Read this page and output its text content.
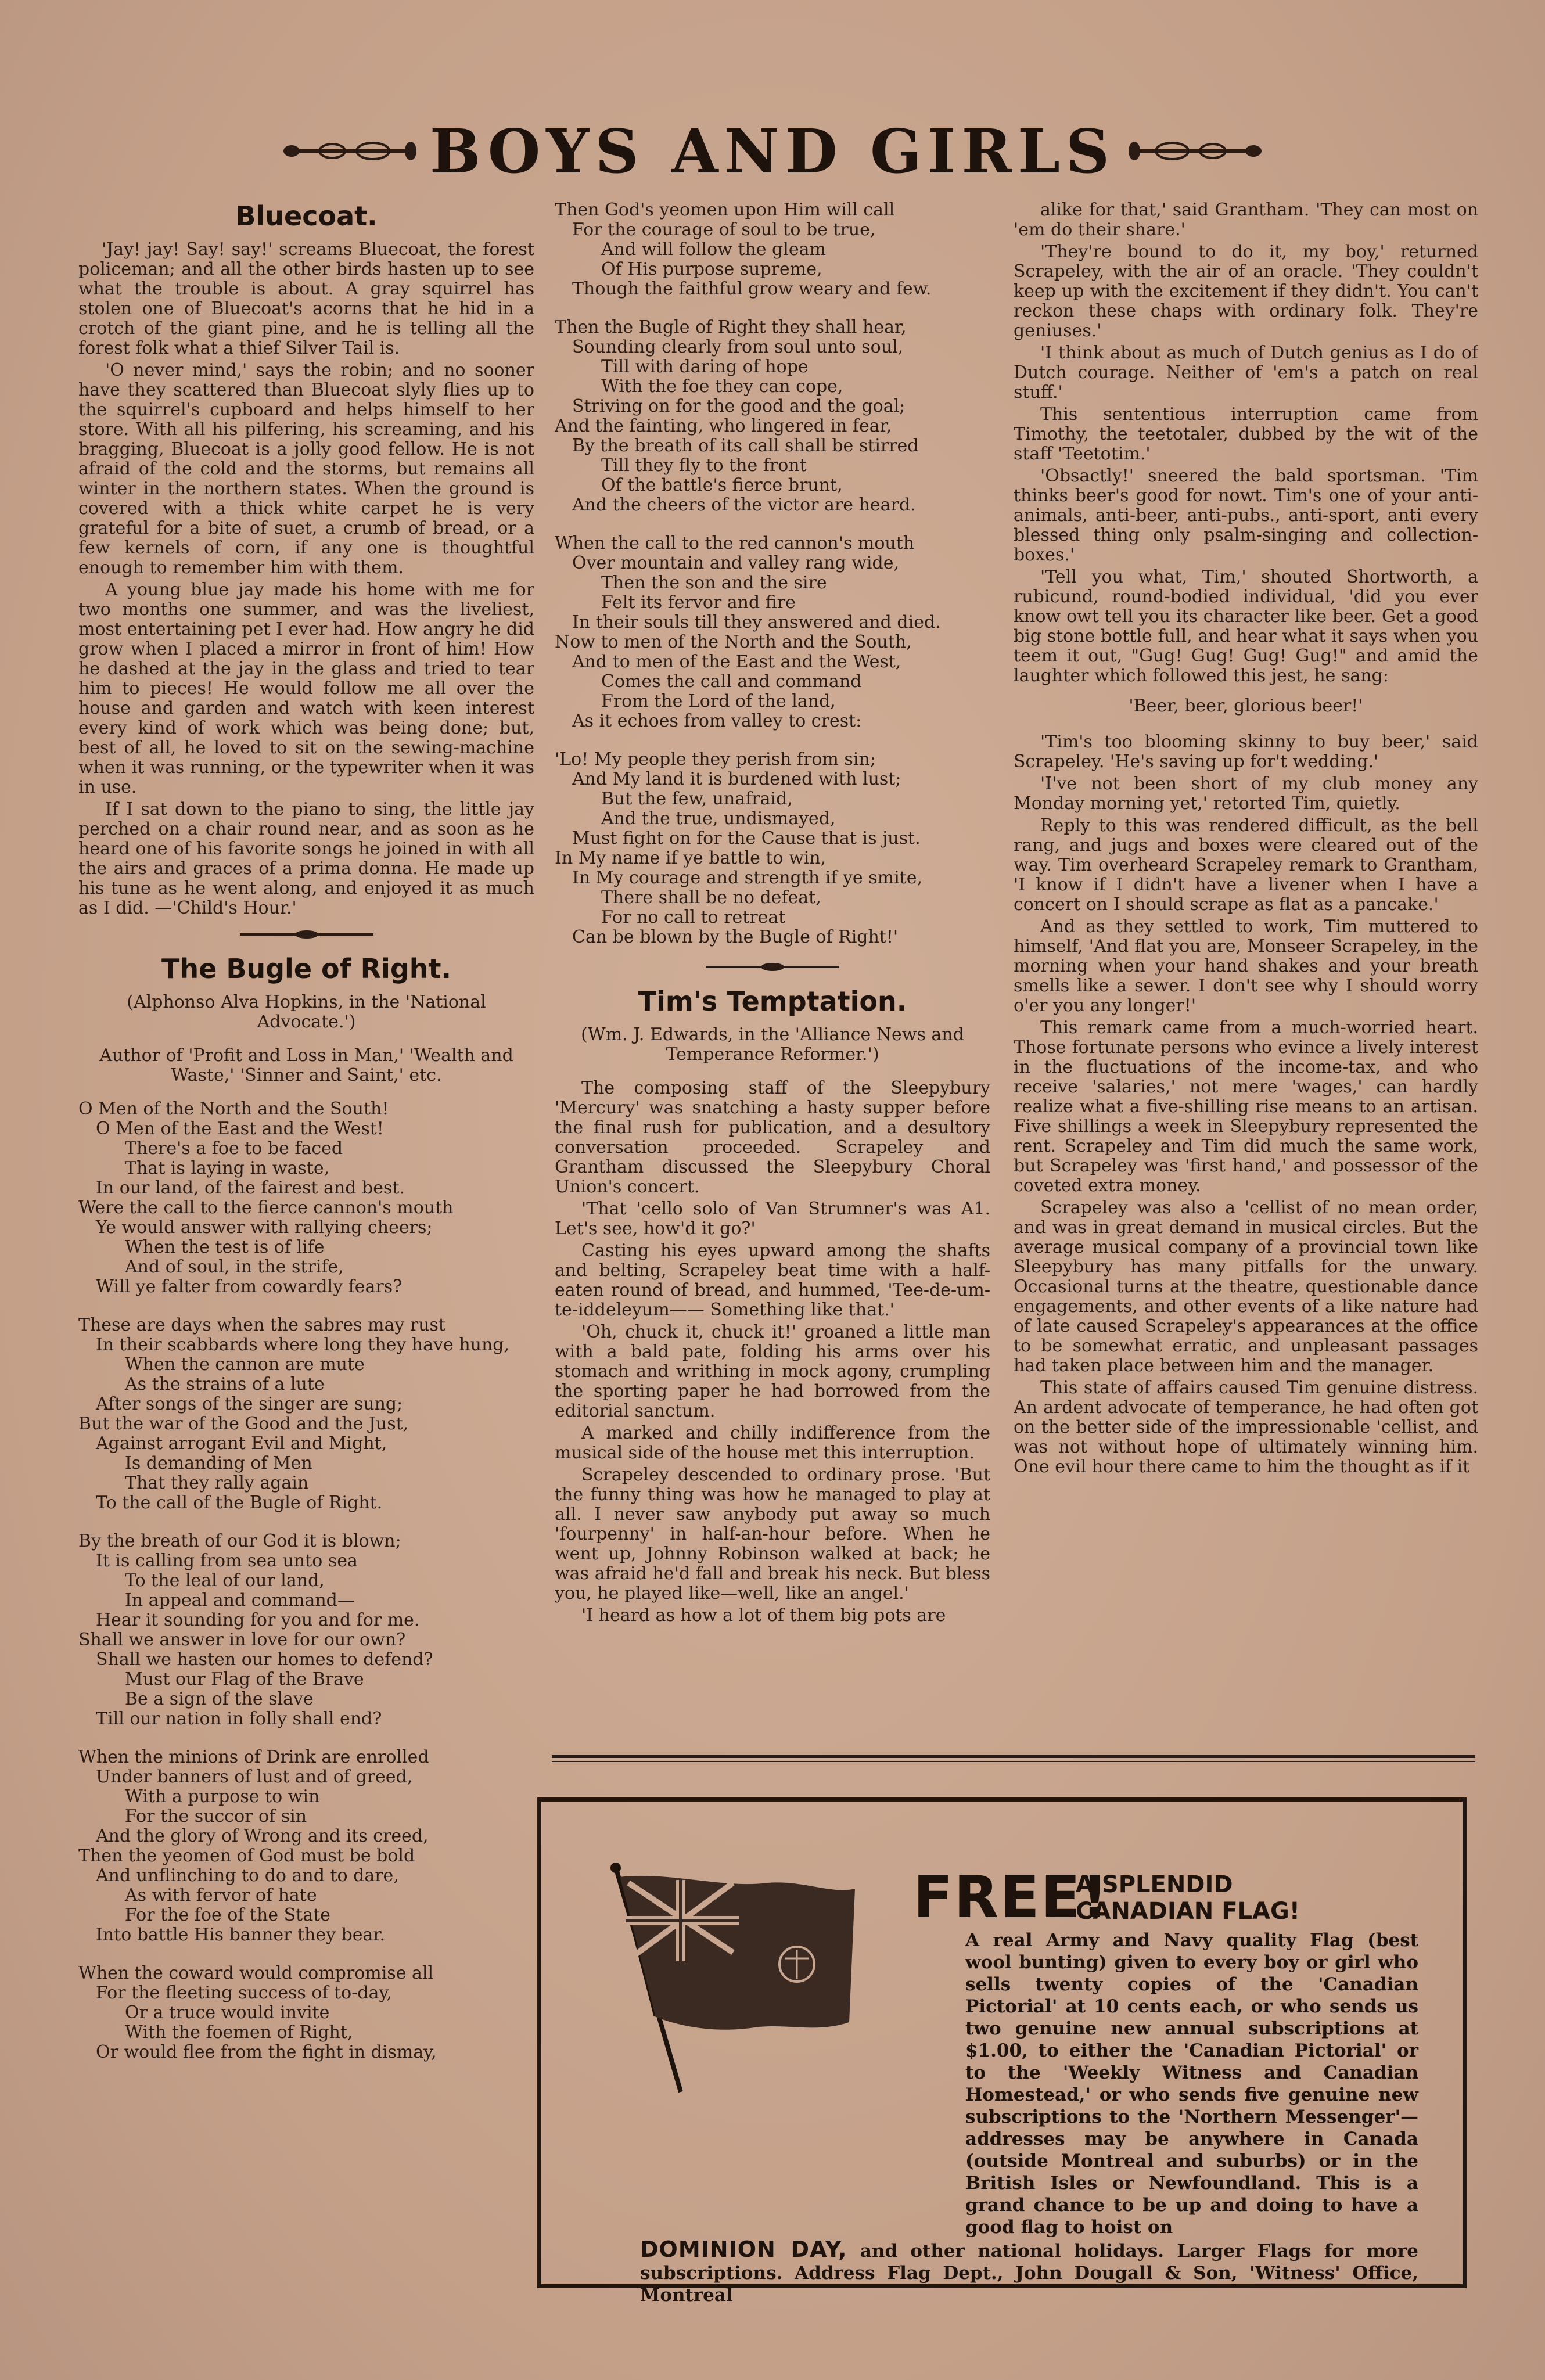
BOYS AND GIRLS
Bluecoat.

'Jay! jay! Say! say!' screams Bluecoat, the forest policeman; and all the other birds hasten up to see what the trouble is about. A gray squirrel has stolen one of Bluecoat's acorns that he hid in a crotch of the giant pine, and he is telling all the forest folk what a thief Silver Tail is.

'O never mind,' says the robin; and no sooner have they scattered than Bluecoat slyly flies up to the squirrel's cupboard and helps himself to her store. With all his pilfering, his screaming, and his bragging, Bluecoat is a jolly good fellow. He is not afraid of the cold and the storms, but remains all winter in the northern states. When the ground is covered with a thick white carpet he is very grateful for a bite of suet, a crumb of bread, or a few kernels of corn, if any one is thoughtful enough to remember him with them.

A young blue jay made his home with me for two months one summer, and was the liveliest, most entertaining pet I ever had. How angry he did grow when I placed a mirror in front of him! How he dashed at the jay in the glass and tried to tear him to pieces! He would follow me all over the house and garden and watch with keen interest every kind of work which was being done; but, best of all, he loved to sit on the sewing-machine when it was running, or the typewriter when it was in use.

If I sat down to the piano to sing, the little jay perched on a chair round near, and as soon as he heard one of his favorite songs he joined in with all the airs and graces of a prima donna. He made up his tune as he went along, and enjoyed it as much as I did. —'Child's Hour.'

The Bugle of Right.
(Alphonso Alva Hopkins, in the 'National Advocate.')
Author of 'Profit and Loss in Man,' 'Wealth and Waste,' 'Sinner and Saint,' etc.
O Men of the North and the South!
O Men of the East and the West!
There's a foe to be faced
That is laying in waste,
In our land, of the fairest and best.
Were the call to the fierce cannon's mouth
Ye would answer with rallying cheers;
When the test is of life
And of soul, in the strife,
Will ye falter from cowardly fears?
These are days when the sabres may rust
In their scabbards where long they have hung,
When the cannon are mute
As the strains of a lute
After songs of the singer are sung;
But the war of the Good and the Just,
Against arrogant Evil and Might,
Is demanding of Men
That they rally again
To the call of the Bugle of Right.
By the breath of our God it is blown;
It is calling from sea unto sea
To the leal of our land,
In appeal and command—
Hear it sounding for you and for me.
Shall we answer in love for our own?
Shall we hasten our homes to defend?
Must our Flag of the Brave
Be a sign of the slave
Till our nation in folly shall end?
When the minions of Drink are enrolled
Under banners of lust and of greed,
With a purpose to win
For the succor of sin
And the glory of Wrong and its creed,
Then the yeomen of God must be bold
And unflinching to do and to dare,
As with fervor of hate
For the foe of the State
Into battle His banner they bear.
When the coward would compromise all
For the fleeting success of to-day,
Or a truce would invite
With the foemen of Right,
Or would flee from the fight in dismay,
Then God's yeomen upon Him will call
For the courage of soul to be true,
And will follow the gleam
Of His purpose supreme,
Though the faithful grow weary and few.
Then the Bugle of Right they shall hear,
Sounding clearly from soul unto soul,
Till with daring of hope
With the foe they can cope,
Striving on for the good and the goal;
And the fainting, who lingered in fear,
By the breath of its call shall be stirred
Till they fly to the front
Of the battle's fierce brunt,
And the cheers of the victor are heard.
When the call to the red cannon's mouth
Over mountain and valley rang wide,
Then the son and the sire
Felt its fervor and fire
In their souls till they answered and died.
Now to men of the North and the South,
And to men of the East and the West,
Comes the call and command
From the Lord of the land,
As it echoes from valley to crest:
'Lo! My people they perish from sin;
And My land it is burdened with lust;
But the few, unafraid,
And the true, undismayed,
Must fight on for the Cause that is just.
In My name if ye battle to win,
In My courage and strength if ye smite,
There shall be no defeat,
For no call to retreat
Can be blown by the Bugle of Right!'
Tim's Temptation.
(Wm. J. Edwards, in the 'Alliance News and Temperance Reformer.')

The composing staff of the Sleepybury 'Mercury' was snatching a hasty supper before the final rush for publication, and a desultory conversation proceeded. Scrapeley and Grantham discussed the Sleepybury Choral Union's concert.

'That 'cello solo of Van Strumner's was A1. Let's see, how'd it go?'

Casting his eyes upward among the shafts and belting, Scrapeley beat time with a half-eaten round of bread, and hummed, 'Tee-de-um-te-iddeleyum—— Something like that.'

'Oh, chuck it, chuck it!' groaned a little man with a bald pate, folding his arms over his stomach and writhing in mock agony, crumpling the sporting paper he had borrowed from the editorial sanctum.

A marked and chilly indifference from the musical side of the house met this interruption.

Scrapeley descended to ordinary prose. 'But the funny thing was how he managed to play at all. I never saw anybody put away so much 'fourpenny' in half-an-hour before. When he went up, Johnny Robinson walked at back; he was afraid he'd fall and break his neck. But bless you, he played like—well, like an angel.'

'I heard as how a lot of them big pots are

alike for that,' said Grantham. 'They can most on 'em do their share.'

'They're bound to do it, my boy,' returned Scrapeley, with the air of an oracle. 'They couldn't keep up with the excitement if they didn't. You can't reckon these chaps with ordinary folk. They're geniuses.'

'I think about as much of Dutch genius as I do of Dutch courage. Neither of 'em's a patch on real stuff.'

This sententious interruption came from Timothy, the teetotaler, dubbed by the wit of the staff 'Teetotim.'

'Obsactly!' sneered the bald sportsman. 'Tim thinks beer's good for nowt. Tim's one of your anti-animals, anti-beer, anti-pubs., anti-sport, anti every blessed thing only psalm-singing and collection-boxes.'

'Tell you what, Tim,' shouted Shortworth, a rubicund, round-bodied individual, 'did you ever know owt tell you its character like beer. Get a good big stone bottle full, and hear what it says when you teem it out, "Gug! Gug! Gug! Gug!" and amid the laughter which followed this jest, he sang:

'Beer, beer, glorious beer!'

'Tim's too blooming skinny to buy beer,' said Scrapeley. 'He's saving up for't wedding.'

'I've not been short of my club money any Monday morning yet,' retorted Tim, quietly.

Reply to this was rendered difficult, as the bell rang, and jugs and boxes were cleared out of the way. Tim overheard Scrapeley remark to Grantham, 'I know if I didn't have a livener when I have a concert on I should scrape as flat as a pancake.'

And as they settled to work, Tim muttered to himself, 'And flat you are, Monseer Scrapeley, in the morning when your hand shakes and your breath smells like a sewer. I don't see why I should worry o'er you any longer!'

This remark came from a much-worried heart. Those fortunate persons who evince a lively interest in the fluctuations of the income-tax, and who receive 'salaries,' not mere 'wages,' can hardly realize what a five-shilling rise means to an artisan. Five shillings a week in Sleepybury represented the rent. Scrapeley and Tim did much the same work, but Scrapeley was 'first hand,' and possessor of the coveted extra money.

Scrapeley was also a 'cellist of no mean order, and was in great demand in musical circles. But the average musical company of a provincial town like Sleepybury has many pitfalls for the unwary. Occasional turns at the theatre, questionable dance engagements, and other events of a like nature had of late caused Scrapeley's appearances at the office to be somewhat erratic, and unpleasant passages had taken place between him and the manager.

This state of affairs caused Tim genuine distress. An ardent advocate of temperance, he had often got on the better side of the impressionable 'cellist, and was not without hope of ultimately winning him. One evil hour there came to him the thought as if it

FREE!
A SPLENDID
CANADIAN FLAG!
A real Army and Navy quality Flag (best wool bunting) given to every boy or girl who sells twenty copies of the 'Canadian Pictorial' at 10 cents each, or who sends us two genuine new annual subscriptions at $1.00, to either the 'Canadian Pictorial' or to the 'Weekly Witness and Canadian Homestead,' or who sends five genuine new subscriptions to the 'Northern Messenger'—addresses may be anywhere in Canada (outside Montreal and suburbs) or in the British Isles or Newfoundland. This is a grand chance to be up and doing to have a good flag to hoist on
DOMINION DAY, and other national holidays. Larger Flags for more subscriptions. Address Flag Dept., John Dougall & Son, 'Witness' Office, Montreal
